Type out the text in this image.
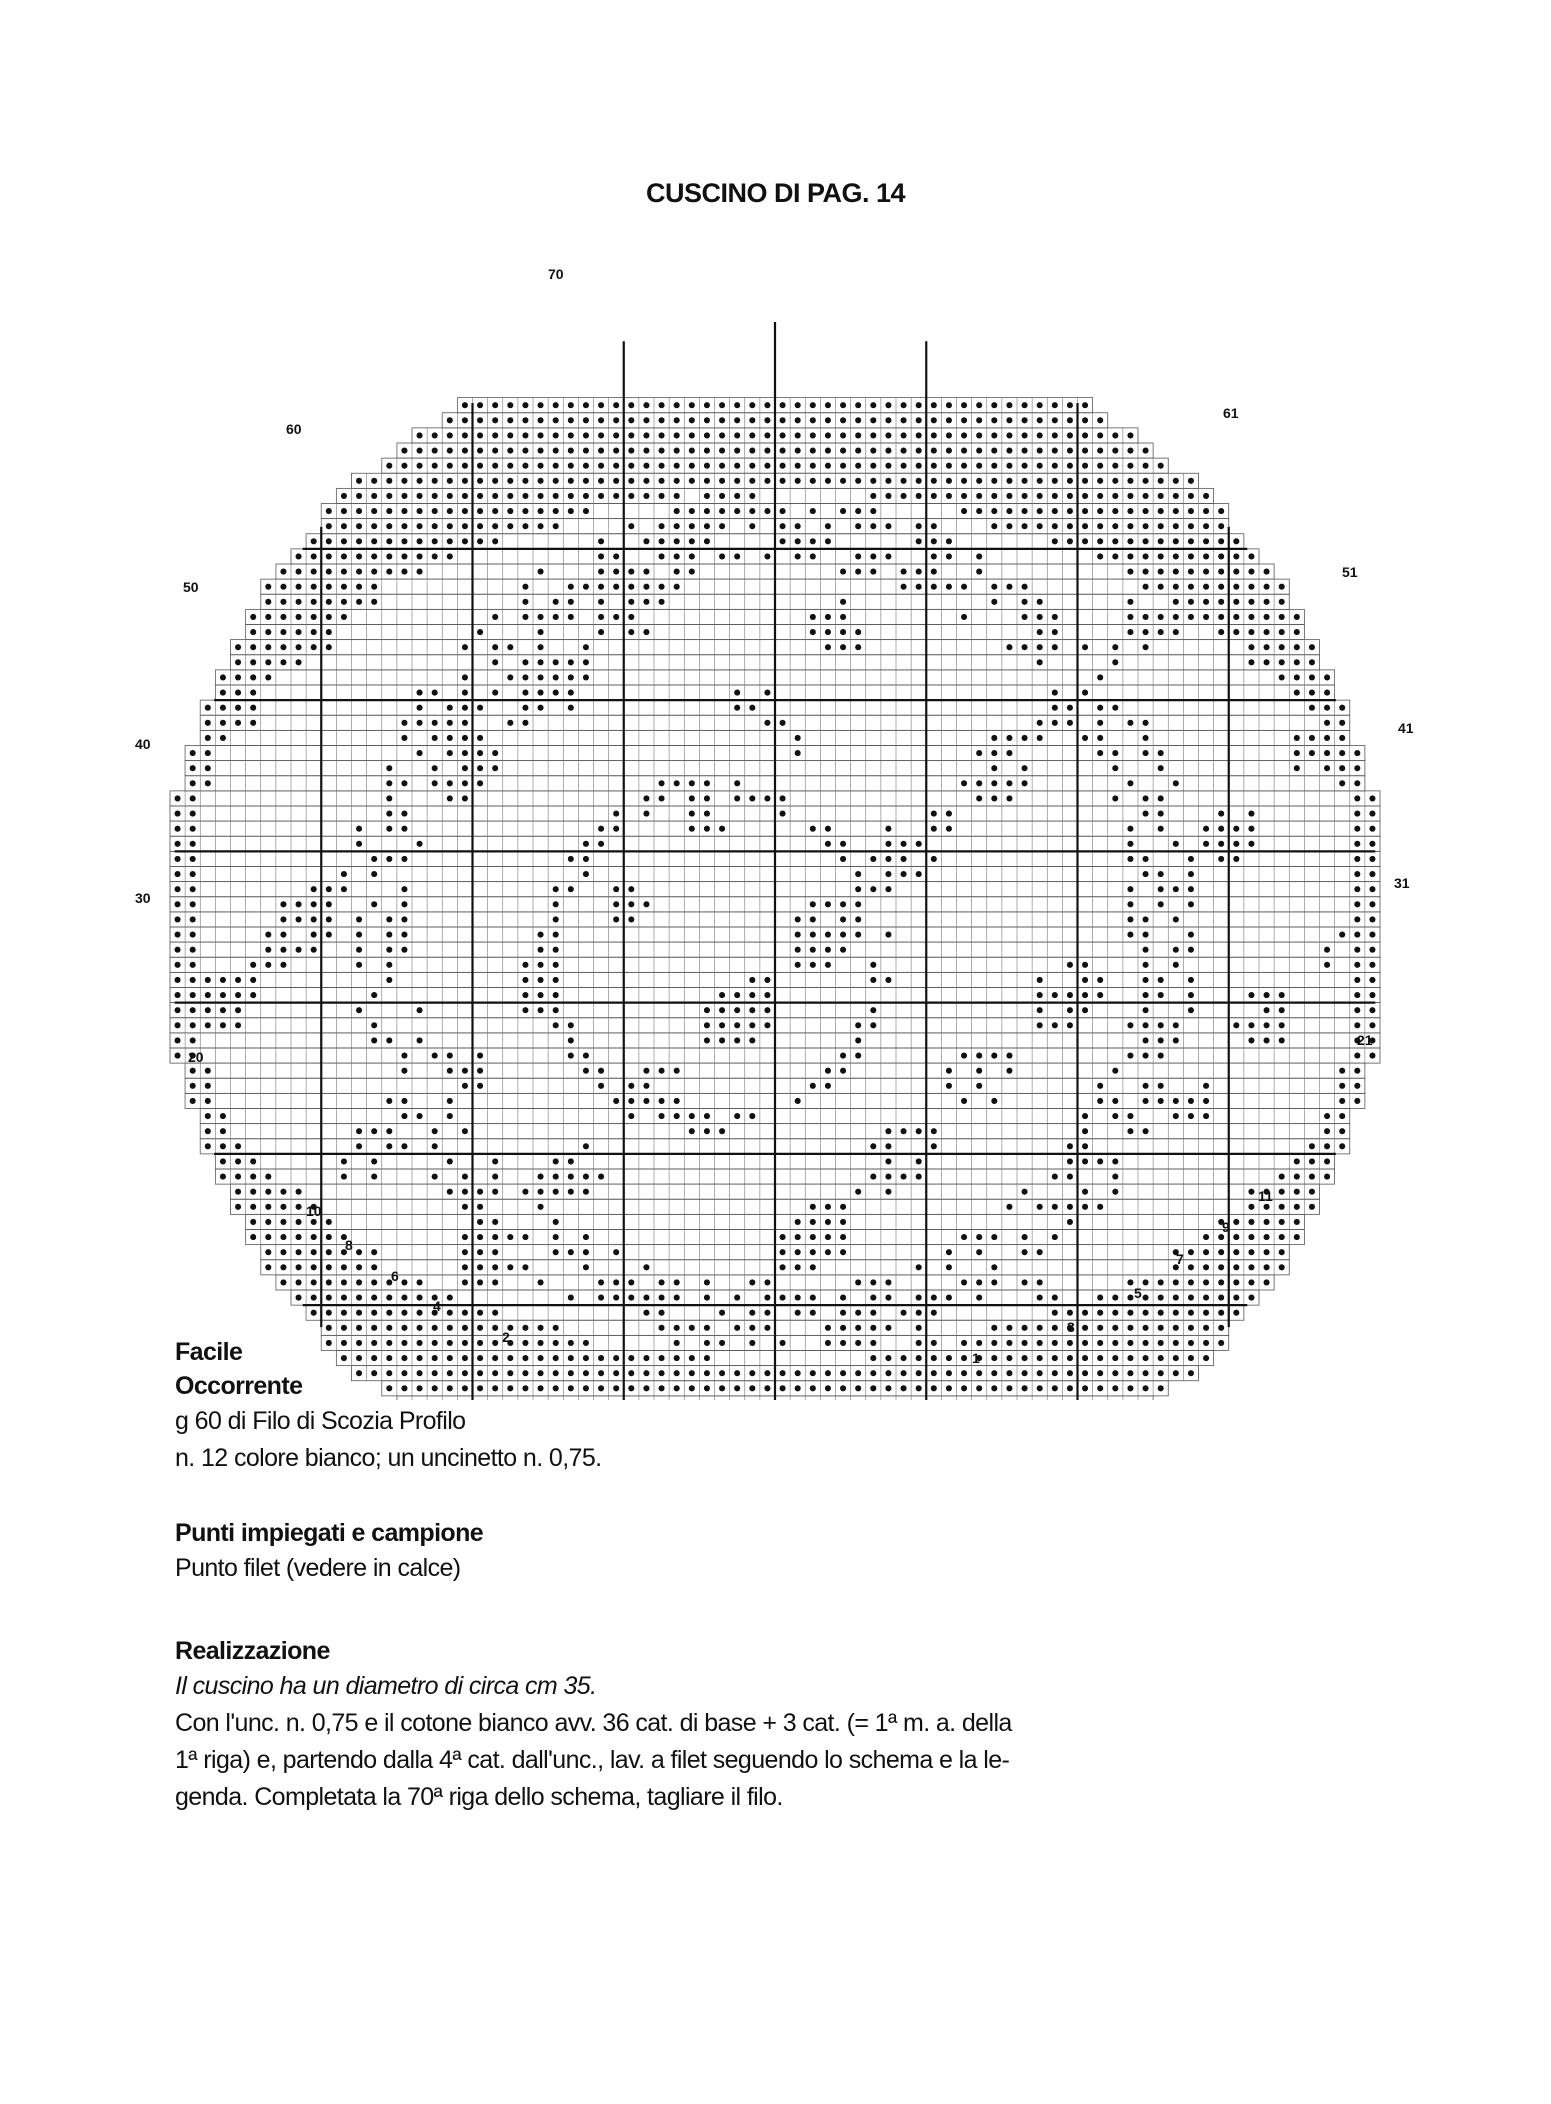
CUSCINO DI PAG. 14
1
2
3
4
5
6
7
8
9
10
11
20
21
30
31
40
41
50
51
60
61
70
Facile
Occorrente

g 60 di Filo di Scozia Profilo

n. 12 colore bianco; un uncinetto n. 0,75.

Punti impiegati e campione

Punto filet (vedere in calce)

Realizzazione

Il cuscino ha un diametro di circa cm 35.

Con l'unc. n. 0,75 e il cotone bianco avv. 36 cat. di base + 3 cat. (= 1ª m. a. della

1ª riga) e, partendo dalla 4ª cat. dall'unc., lav. a filet seguendo lo schema e la le-

genda. Completata la 70ª riga dello schema, tagliare il filo.
